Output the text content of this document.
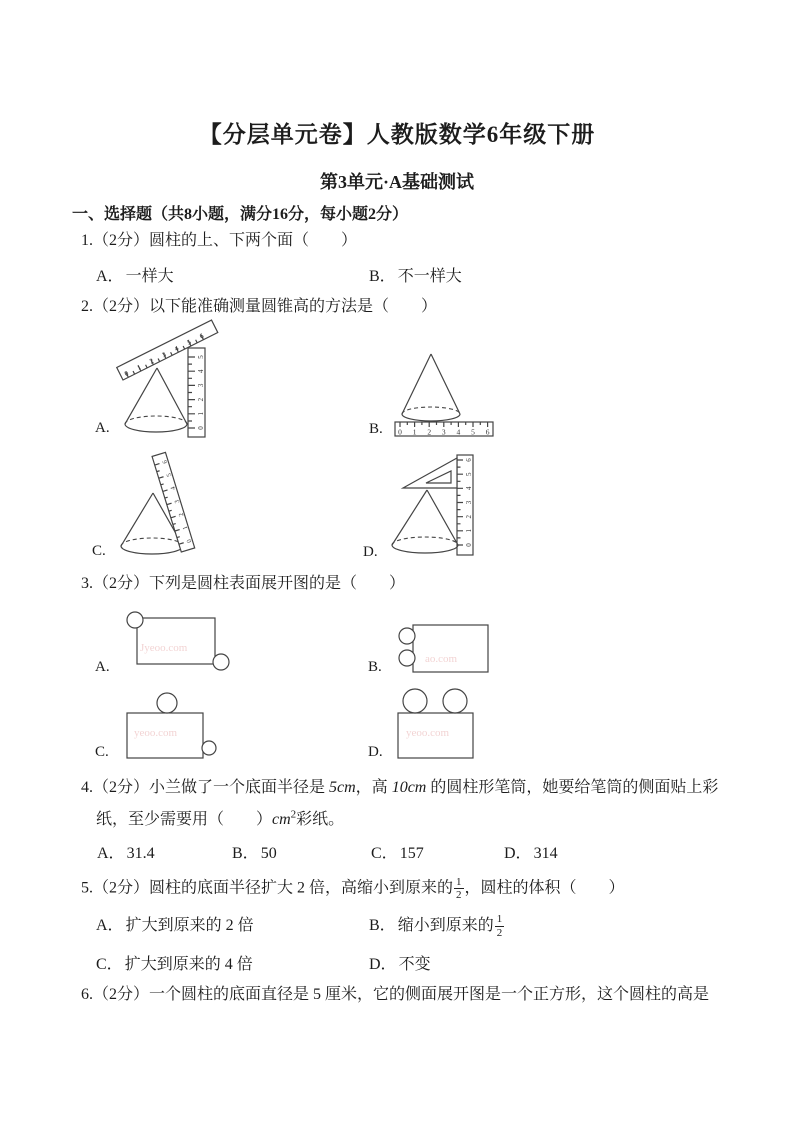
【分层单元卷】人教版数学6年级下册
第3单元·A基础测试
一、选择题（共8小题，满分16分，每小题2分）
1.（2分）圆柱的上、下两个面（　　）
A． 一样大	B． 不一样大
2.（2分）以下能准确测量圆锥高的方法是（　　）
0
1
2
3
4
5
0
1
2
3
4
5
6
A.	0 1 2 3 4 5 6
B.
0
1
2
3
4
5
6
C.	0
1
2
3
4
5
6
D.
3.（2分）下列是圆柱表面展开图的是（　　）
Jyeoo.com
A.	ao.com
B.
yeoo.com
C.
yeoo.com
D.
4.（2分）小兰做了一个底面半径是 5cm，高 10cm 的圆柱形笔筒，她要给笔筒的侧面贴上彩
纸，至少需要用（　　）$cm^2$彩纸。
A． 31.4	B． 50	C． 157	D． 314
5.（2分）圆柱的底面半径扩大 2 倍，高缩小到原来的 $\frac{1}{2}$ ，圆柱的体积（　　）
A． 扩大到原来的 2 倍	B． 缩小到原来的 $\frac{1}{2}$
C． 扩大到原来的 4 倍	D． 不变
6.（2分）一个圆柱的底面直径是 5 厘米，它的侧面展开图是一个正方形，这个圆柱的高是
